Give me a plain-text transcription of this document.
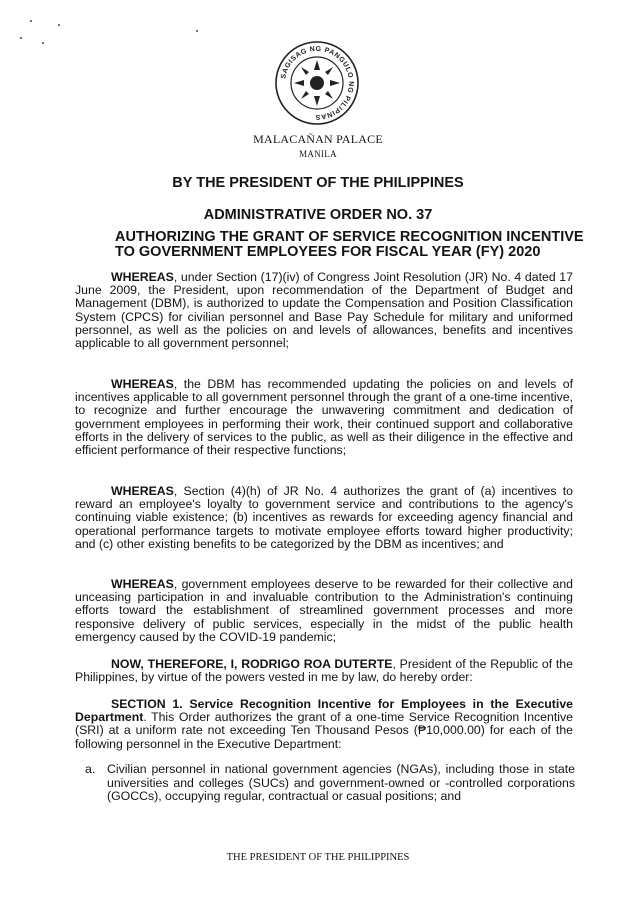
SAGISAG NG PANGULO NG PILIPINAS
MALACAÑAN PALACE
MANILA
BY THE PRESIDENT OF THE PHILIPPINES
ADMINISTRATIVE ORDER NO. 37
AUTHORIZING THE GRANT OF SERVICE RECOGNITION INCENTIVE
TO GOVERNMENT EMPLOYEES FOR FISCAL YEAR (FY) 2020
WHEREAS, under Section (17)(iv) of Congress Joint Resolution (JR) No. 4 dated 17 June 2009, the President, upon recommendation of the Department of Budget and Management (DBM), is authorized to update the Compensation and Position Classification System (CPCS) for civilian personnel and Base Pay Schedule for military and uniformed personnel, as well as the policies on and levels of allowances, benefits and incentives applicable to all government personnel;
WHEREAS, the DBM has recommended updating the policies on and levels of incentives applicable to all government personnel through the grant of a one-time incentive, to recognize and further encourage the unwavering commitment and dedication of government employees in performing their work, their continued support and collaborative efforts in the delivery of services to the public, as well as their diligence in the effective and efficient performance of their respective functions;
WHEREAS, Section (4)(h) of JR No. 4 authorizes the grant of (a) incentives to reward an employee's loyalty to government service and contributions to the agency's continuing viable existence; (b) incentives as rewards for exceeding agency financial and operational performance targets to motivate employee efforts toward higher productivity; and (c) other existing benefits to be categorized by the DBM as incentives; and
WHEREAS, government employees deserve to be rewarded for their collective and unceasing participation in and invaluable contribution to the Administration's continuing efforts toward the establishment of streamlined government processes and more responsive delivery of public services, especially in the midst of the public health emergency caused by the COVID-19 pandemic;
NOW, THEREFORE, I, RODRIGO ROA DUTERTE, President of the Republic of the Philippines, by virtue of the powers vested in me by law, do hereby order:
SECTION 1. Service Recognition Incentive for Employees in the Executive Department. This Order authorizes the grant of a one-time Service Recognition Incentive (SRI) at a uniform rate not exceeding Ten Thousand Pesos (₱10,000.00) for each of the following personnel in the Executive Department:
a. Civilian personnel in national government agencies (NGAs), including those in state universities and colleges (SUCs) and government-owned or -controlled corporations (GOCCs), occupying regular, contractual or casual positions; and
THE PRESIDENT OF THE PHILIPPINES
